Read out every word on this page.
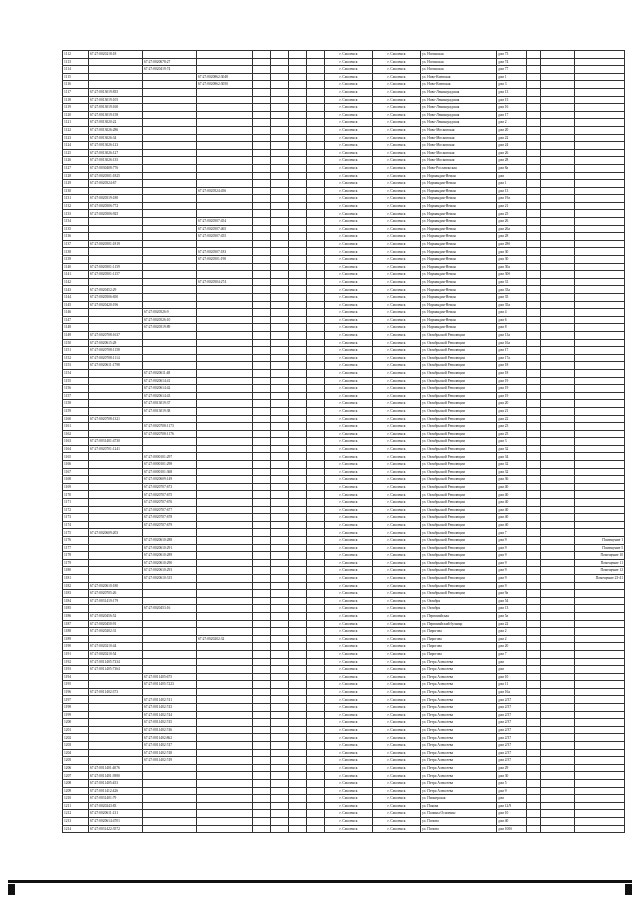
1112	67:27:0020218:18							г. Смоленск	г. Смоленск	ул. Ногинская	дом 73			
1113		67:27:0020678:27						г. Смоленск	г. Смоленск	ул. Ногинская	дом 74			
1114		67:27:0020419:74						г. Смоленск	г. Смоленск	ул. Ногинская	дом 77			
1115			67:27:0020862:3048					г. Смоленск	г. Смоленск	ул. Ново-Киевская	дом 1			
1116			67:27:0020862:3050					г. Смоленск	г. Смоленск	ул. Ново-Киевская	дом 3			
1117	67:27:0013019:835							г. Смоленск	г. Смоленск	ул. Ново-Ленинградская	дом 13			
1118	67:27:0013019:105							г. Смоленск	г. Смоленск	ул. Ново-Ленинградская	дом 15			
1119	67:27:0013019:160							г. Смоленск	г. Смоленск	ул. Ново-Ленинградская	дом 16			
1120	67:27:0013019:158							г. Смоленск	г. Смоленск	ул. Ново-Ленинградская	дом 17			
1121	67:27:0013020:22							г. Смоленск	г. Смоленск	ул. Ново-Ленинградская	дом 2			
1122	67:27:0013026:286							г. Смоленск	г. Смоленск	ул. Ново-Московская	дом 20			
1123	67:27:0013026:34							г. Смоленск	г. Смоленск	ул. Ново-Московская	дом 22			
1124	67:27:0013026:123							г. Смоленск	г. Смоленск	ул. Ново-Московская	дом 24			
1125	67:27:0013026:127							г. Смоленск	г. Смоленск	ул. Ново-Московская	дом 26			
1126	67:27:0013026:135							г. Смоленск	г. Смоленск	ул. Ново-Московская	дом 28			
1127	67:27:0030408:776							г. Смоленск	г. Смоленск	ул. Ново-Рославльская	дом 8а			
1128	67:27:0020501:1825							г. Смоленск	г. Смоленск	ул. Нормандия-Неман	дом			
1129	67:27:0020524:67							г. Смоленск	г. Смоленск	ул. Нормандия-Неман	дом 1			
1130			67:27:0020524:456					г. Смоленск	г. Смоленск	ул. Нормандия-Неман	дом 13			
1131	67:27:0020519:180							г. Смоленск	г. Смоленск	ул. Нормандия-Неман	дом 19а			
1132	67:27:0020506:772							г. Смоленск	г. Смоленск	ул. Нормандия-Неман	дом 21			
1133	67:27:0020506:925							г. Смоленск	г. Смоленск	ул. Нормандия-Неман	дом 25			
1134			67:27:0020507:454					г. Смоленск	г. Смоленск	ул. Нормандия-Неман	дом 26			
1135			67:27:0020507:465					г. Смоленск	г. Смоленск	ул. Нормандия-Неман	дом 26а			
1136			67:27:0020507:455					г. Смоленск	г. Смоленск	ул. Нормандия-Неман	дом 28			
1137	67:27:0020501:1819							г. Смоленск	г. Смоленск	ул. Нормандия-Неман	дом 28б			
1138			67:27:0020507:183					г. Смоленск	г. Смоленск	ул. Нормандия-Неман	дом 30			
1139			67:27:0020501:190					г. Смоленск	г. Смоленск	ул. Нормандия-Неман	дом 30			
1140	67:27:0020501:1159							г. Смоленск	г. Смоленск	ул. Нормандия-Неман	дом 30а			
1141	67:27:0020501:1157							г. Смоленск	г. Смоленск	ул. Нормандия-Неман	дом 30б			
1142			67:27:0020504:274					г. Смоленск	г. Смоленск	ул. Нормандия-Неман	дом 31			
1143	67:27:0020452:29							г. Смоленск	г. Смоленск	ул. Нормандия-Неман	дом 33а			
1144	67:27:0020506:650							г. Смоленск	г. Смоленск	ул. Нормандия-Неман	дом 35			
1145	67:27:0020420:196							г. Смоленск	г. Смоленск	ул. Нормандия-Неман	дом 35а			
1146		67:27:0020526:9						г. Смоленск	г. Смоленск	ул. Нормандия-Неман	дом 4			
1147		67:27:0020526:10						г. Смоленск	г. Смоленск	ул. Нормандия-Неман	дом 6			
1148		67:27:0020519:89						г. Смоленск	г. Смоленск	ул. Нормандия-Неман	дом 8			
1149	67:27:0020708:1637							г. Смоленск	г. Смоленск	ул. Октябрьской Революции	дом 13а			
1150	67:27:0020615:28							г. Смоленск	г. Смоленск	ул. Октябрьской Революции	дом 16а			
1151	67:27:0020708:1158							г. Смоленск	г. Смоленск	ул. Октябрьской Революции	дом 17			
1152	67:27:0020708:1114							г. Смоленск	г. Смоленск	ул. Октябрьской Революции	дом 17а			
1153	67:27:0020611:1798							г. Смоленск	г. Смоленск	ул. Октябрьской Революции	дом 18			
1154		67:27:0020611:48						г. Смоленск	г. Смоленск	ул. Октябрьской Революции	дом 18			
1155		67:27:0020614:41						г. Смоленск	г. Смоленск	ул. Октябрьской Революции	дом 19			
1156		67:27:0020614:42						г. Смоленск	г. Смоленск	ул. Октябрьской Революции	дом 19			
1157		67:27:0020614:43						г. Смоленск	г. Смоленск	ул. Октябрьской Революции	дом 19			
1158		67:27:0013019:37						г. Смоленск	г. Смоленск	ул. Октябрьской Революции	дом 20			
1159		67:27:0013019:38						г. Смоленск	г. Смоленск	ул. Октябрьской Революции	дом 21			
1160	67:27:0020708:1321							г. Смоленск	г. Смоленск	ул. Октябрьской Революции	дом 22			
1161		67:27:0020708:1173						г. Смоленск	г. Смоленск	ул. Октябрьской Революции	дом 23			
1162		67:27:0020708:1176						г. Смоленск	г. Смоленск	ул. Октябрьской Революции	дом 25			
1163	67:27:0031401:4730							г. Смоленск	г. Смоленск	ул. Октябрьской Революции	дом 3			
1164	67:27:0020701:1241							г. Смоленск	г. Смоленск	ул. Октябрьской Революции	дом 32			
1165		67:27:0000101:297						г. Смоленск	г. Смоленск	ул. Октябрьской Революции	дом 34			
1166		67:27:0000101:298						г. Смоленск	г. Смоленск	ул. Октябрьской Революции	дом 32			
1167		67:27:0000101:368						г. Смоленск	г. Смоленск	ул. Октябрьской Революции	дом 32			
1168		67:27:0020609:149						г. Смоленск	г. Смоленск	ул. Октябрьской Революции	дом 36			
1169		67:27:0020707:673						г. Смоленск	г. Смоленск	ул. Октябрьской Революции	дом 40			
1170		67:27:0020707:675						г. Смоленск	г. Смоленск	ул. Октябрьской Революции	дом 40			
1171		67:27:0020707:676						г. Смоленск	г. Смоленск	ул. Октябрьской Революции	дом 40			
1172		67:27:0020707:677						г. Смоленск	г. Смоленск	ул. Октябрьской Революции	дом 40			
1173		67:27:0020707:678						г. Смоленск	г. Смоленск	ул. Октябрьской Революции	дом 40			
1174		67:27:0020707:679						г. Смоленск	г. Смоленск	ул. Октябрьской Революции	дом 40			
1175	67:27:0020609:203							г. Смоленск	г. Смоленск	ул. Октябрьской Революции	дом 7			
1176		67:27:0020610:288						г. Смоленск	г. Смоленск	ул. Октябрьской Революции	дом 9			Помещение 1
1177		67:27:0020610:291						г. Смоленск	г. Смоленск	ул. Октябрьской Революции	дом 9			Помещение 5
1178		67:27:0020610:289						г. Смоленск	г. Смоленск	ул. Октябрьской Революции	дом 9			Помещение 10
1179		67:27:0020610:290						г. Смоленск	г. Смоленск	ул. Октябрьской Революции	дом 9			Помещение 11
1180		67:27:0020610:293						г. Смоленск	г. Смоленск	ул. Октябрьской Революции	дом 9			Помещение 12
1181		67:27:0020610:315						г. Смоленск	г. Смоленск	ул. Октябрьской Революции	дом 9			Помещение 23-41
1182	67:27:0020610:180							г. Смоленск	г. Смоленск	ул. Октябрьской Революции	дом 9			
1183	67:27:0020705:26							г. Смоленск	г. Смоленск	ул. Октябрьской Революции	дом 9а			
1184	67:27:0031419:179							г. Смоленск	г. Смоленск	ул. Октября	дом 54			
1185		67:27:0020453:16						г. Смоленск	г. Смоленск	ул. Октября	дом 13			
1186	67:27:0020456:52							г. Смоленск	г. Смоленск	ул. Первомайская	дом 5а			
1187	67:27:0020450:91							г. Смоленск	г. Смоленск	ул. Первомайский бульвар	дом 22			
1188	67:27:0020202:31							г. Смоленск	г. Смоленск	ул. Пирогова	дом 2			
1189			67:27:0020202:32					г. Смоленск	г. Смоленск	ул. Пирогова	дом 2			
1190	67:27:0020210:44							г. Смоленск	г. Смоленск	ул. Пирогова	дом 20			
1191	67:27:0020210:54							г. Смоленск	г. Смоленск	ул. Пирогова	дом 7			
1192	67:27:0011405:7334							г. Смоленск	г. Смоленск	ул. Петра Алексеева	дом			
1193	67:27:0011405:7364							г. Смоленск	г. Смоленск	ул. Петра Алексеева	дом			
1194		67:27:0011405:675						г. Смоленск	г. Смоленск	ул. Петра Алексеева	дом 10			
1195		67:27:0011405:7223						г. Смоленск	г. Смоленск	ул. Петра Алексеева	дом 11			
1196	67:27:0011402:373							г. Смоленск	г. Смоленск	ул. Петра Алексеева	дом 16а			
1197		67:27:0011402:741						г. Смоленск	г. Смоленск	ул. Петра Алексеева	дом 2/37			
1198		67:27:0011402:743						г. Смоленск	г. Смоленск	ул. Петра Алексеева	дом 2/37			
1199		67:27:0011402:744						г. Смоленск	г. Смоленск	ул. Петра Алексеева	дом 2/37			
1200		67:27:0011402:745						г. Смоленск	г. Смоленск	ул. Петра Алексеева	дом 2/37			
1201		67:27:0011402:746						г. Смоленск	г. Смоленск	ул. Петра Алексеева	дом 2/37			
1202		67:27:0011402:862						г. Смоленск	г. Смоленск	ул. Петра Алексеева	дом 2/37			
1203		67:27:0011402:747						г. Смоленск	г. Смоленск	ул. Петра Алексеева	дом 2/37			
1204		67:27:0011402:748						г. Смоленск	г. Смоленск	ул. Петра Алексеева	дом 2/37			
1205		67:27:0011402:749						г. Смоленск	г. Смоленск	ул. Петра Алексеева	дом 2/37			
1206	67:27:0011401:4076							г. Смоленск	г. Смоленск	ул. Петра Алексеева	дом 29			
1207	67:27:0011401:3980							г. Смоленск	г. Смоленск	ул. Петра Алексеева	дом 30			
1208	67:27:0011405:453							г. Смоленск	г. Смоленск	ул. Петра Алексеева	дом 5			
1209	67:27:0011412:426							г. Смоленск	г. Смоленск	ул. Петра Алексеева	дом 9			
1210	67:27:0031401:79							г. Смоленск	г. Смоленск	ул. Пионерская	дом			
1211	67:27:0020243:83							г. Смоленск	г. Смоленск	ул. Покова	дом 12/9			
1212	67:27:0020611:131							г. Смоленск	г. Смоленск	ул. Полины Осипенко	дом 10			
1213	67:27:0020614:4701							г. Смоленск	г. Смоленск	ул. Попова	дом 40			
1214	67:27:0031422:3572							г. Смоленск	г. Смоленск	ул. Попова	дом 100б			
